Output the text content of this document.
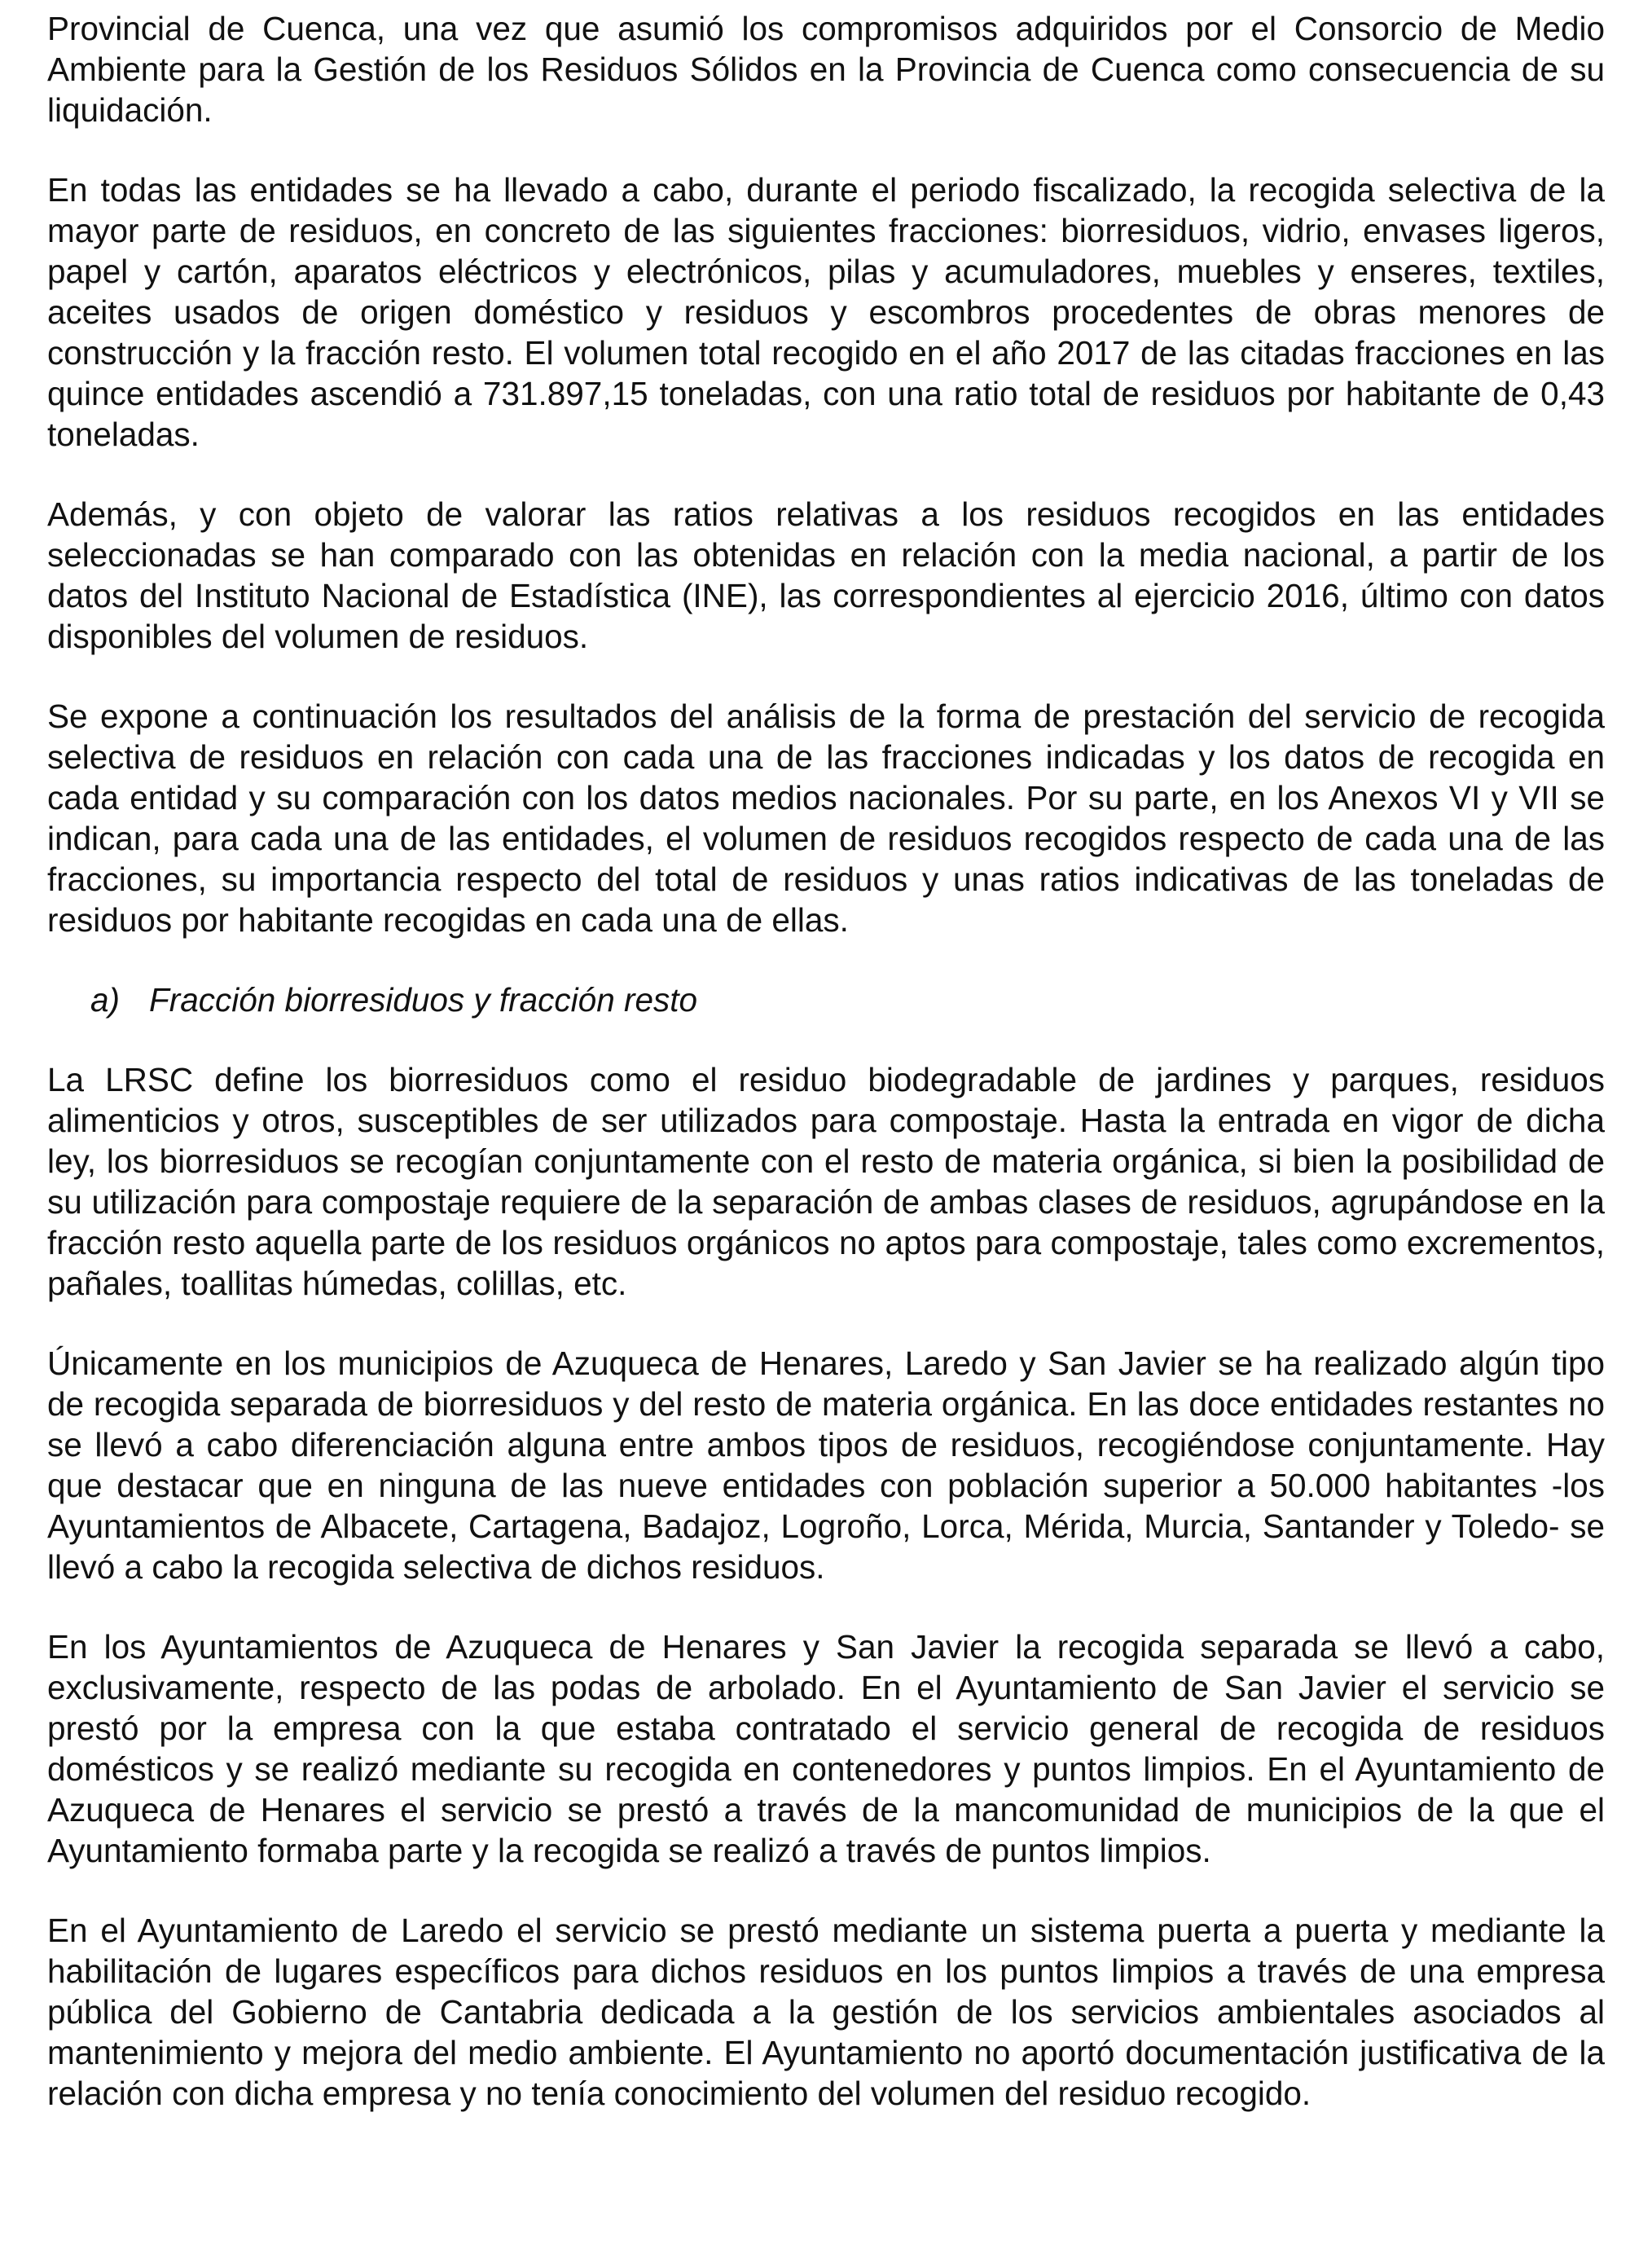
Provincial de Cuenca, una vez que asumió los compromisos adquiridos por el Consorcio de Medio Ambiente para la Gestión de los Residuos Sólidos en la Provincia de Cuenca como consecuencia de su liquidación.

En todas las entidades se ha llevado a cabo, durante el periodo fiscalizado, la recogida selectiva de la mayor parte de residuos, en concreto de las siguientes fracciones: biorresiduos, vidrio, envases ligeros, papel y cartón, aparatos eléctricos y electrónicos, pilas y acumuladores, muebles y enseres, textiles, aceites usados de origen doméstico y residuos y escombros procedentes de obras menores de construcción y la fracción resto. El volumen total recogido en el año 2017 de las citadas fracciones en las quince entidades ascendió a 731.897,15 toneladas, con una ratio total de residuos por habitante de 0,43 toneladas.

Además, y con objeto de valorar las ratios relativas a los residuos recogidos en las entidades seleccionadas se han comparado con las obtenidas en relación con la media nacional, a partir de los datos del Instituto Nacional de Estadística (INE), las correspondientes al ejercicio 2016, último con datos disponibles del volumen de residuos.

Se expone a continuación los resultados del análisis de la forma de prestación del servicio de recogida selectiva de residuos en relación con cada una de las fracciones indicadas y los datos de recogida en cada entidad y su comparación con los datos medios nacionales. Por su parte, en los Anexos VI y VII se indican, para cada una de las entidades, el volumen de residuos recogidos respecto de cada una de las fracciones, su importancia respecto del total de residuos y unas ratios indicativas de las toneladas de residuos por habitante recogidas en cada una de ellas.

a) Fracción biorresiduos y fracción resto

La LRSC define los biorresiduos como el residuo biodegradable de jardines y parques, residuos alimenticios y otros, susceptibles de ser utilizados para compostaje. Hasta la entrada en vigor de dicha ley, los biorresiduos se recogían conjuntamente con el resto de materia orgánica, si bien la posibilidad de su utilización para compostaje requiere de la separación de ambas clases de residuos, agrupándose en la fracción resto aquella parte de los residuos orgánicos no aptos para compostaje, tales como excrementos, pañales, toallitas húmedas, colillas, etc.

Únicamente en los municipios de Azuqueca de Henares, Laredo y San Javier se ha realizado algún tipo de recogida separada de biorresiduos y del resto de materia orgánica. En las doce entidades restantes no se llevó a cabo diferenciación alguna entre ambos tipos de residuos, recogiéndose conjuntamente. Hay que destacar que en ninguna de las nueve entidades con población superior a 50.000 habitantes -los Ayuntamientos de Albacete, Cartagena, Badajoz, Logroño, Lorca, Mérida, Murcia, Santander y Toledo- se llevó a cabo la recogida selectiva de dichos residuos.

En los Ayuntamientos de Azuqueca de Henares y San Javier la recogida separada se llevó a cabo, exclusivamente, respecto de las podas de arbolado. En el Ayuntamiento de San Javier el servicio se prestó por la empresa con la que estaba contratado el servicio general de recogida de residuos domésticos y se realizó mediante su recogida en contenedores y puntos limpios. En el Ayuntamiento de Azuqueca de Henares el servicio se prestó a través de la mancomunidad de municipios de la que el Ayuntamiento formaba parte y la recogida se realizó a través de puntos limpios.

En el Ayuntamiento de Laredo el servicio se prestó mediante un sistema puerta a puerta y mediante la habilitación de lugares específicos para dichos residuos en los puntos limpios a través de una empresa pública del Gobierno de Cantabria dedicada a la gestión de los servicios ambientales asociados al mantenimiento y mejora del medio ambiente. El Ayuntamiento no aportó documentación justificativa de la relación con dicha empresa y no tenía conocimiento del volumen del residuo recogido.
